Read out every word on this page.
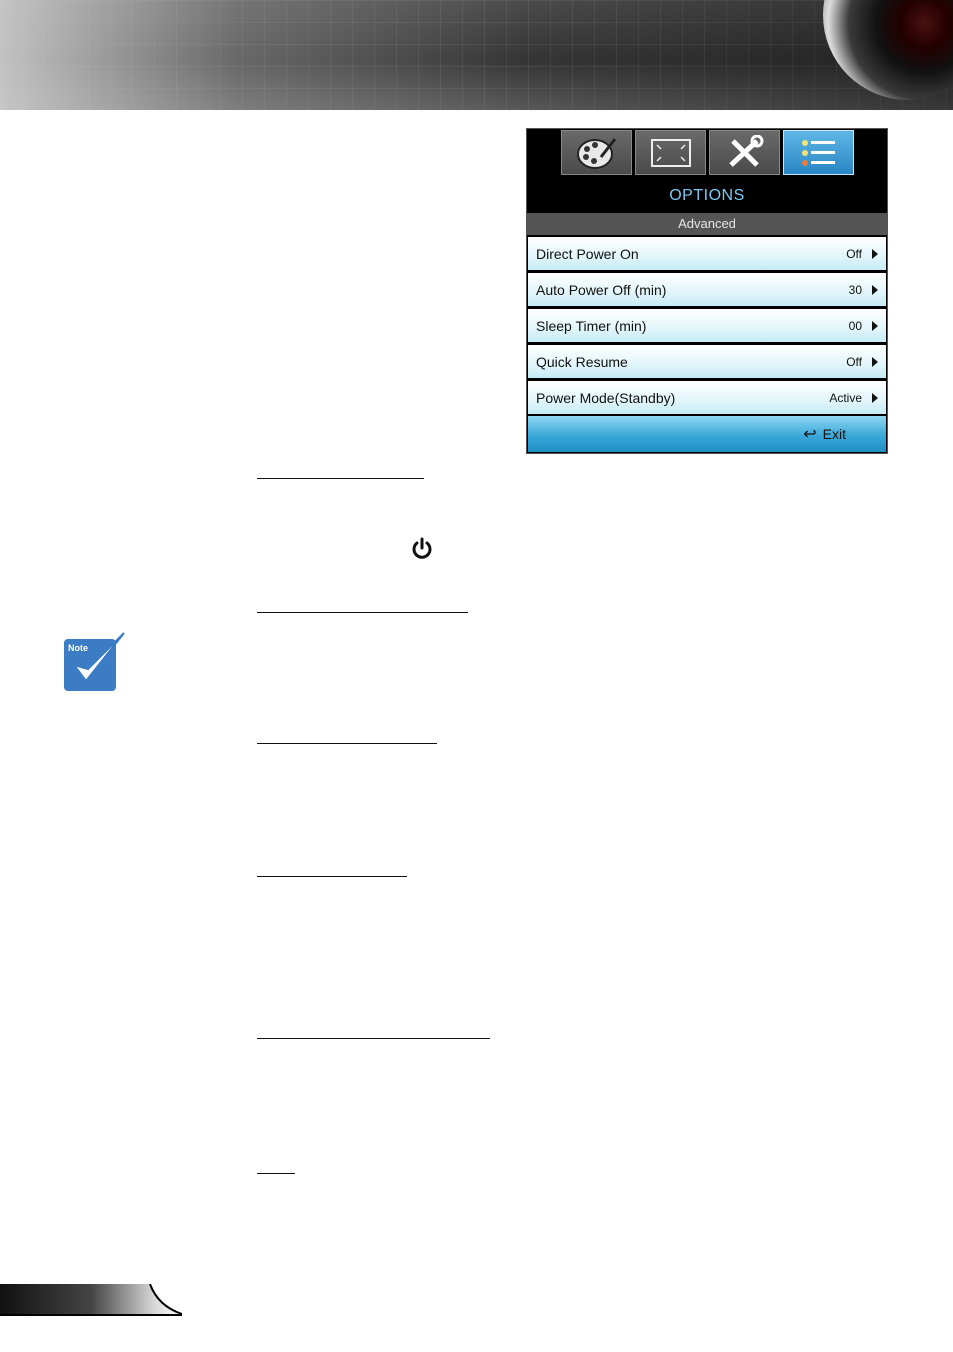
OPTIONS
Advanced
Direct Power On	Off
Auto Power Off (min)	30
Sleep Timer (min)	00
Quick Resume	Off
Power Mode(Standby)	Active
↩ Exit
Note
